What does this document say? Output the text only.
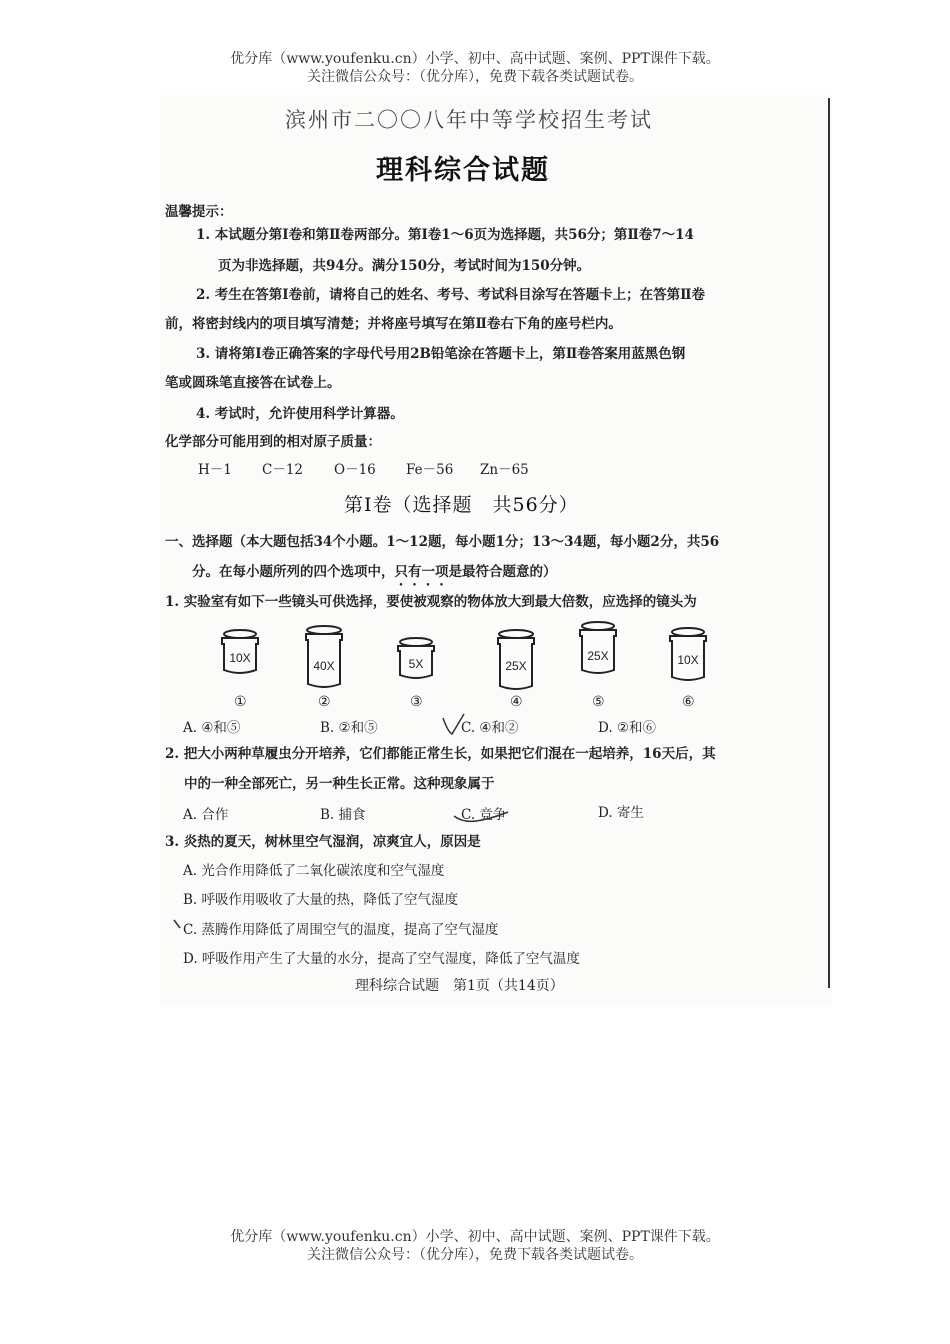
优分库（www.youfenku.cn）小学、初中、高中试题、案例、PPT课件下载。
关注微信公众号：（优分库），免费下载各类试题试卷。
滨州市二〇〇八年中等学校招生考试
理科综合试题
温馨提示：
1. 本试题分第Ⅰ卷和第Ⅱ卷两部分。第Ⅰ卷1～6页为选择题，共56分；第Ⅱ卷7～14
页为非选择题，共94分。满分150分，考试时间为150分钟。
2. 考生在答第Ⅰ卷前，请将自己的姓名、考号、考试科目涂写在答题卡上；在答第Ⅱ卷
前，将密封线内的项目填写清楚；并将座号填写在第Ⅱ卷右下角的座号栏内。
3. 请将第Ⅰ卷正确答案的字母代号用2B铅笔涂在答题卡上，第Ⅱ卷答案用蓝黑色钢
笔或圆珠笔直接答在试卷上。
4. 考试时，允许使用科学计算器。
化学部分可能用到的相对原子质量：
H－1 C－12 O－16 Fe－56 Zn－65
第Ⅰ卷（选择题　共56分）
一、选择题（本大题包括34个小题。1～12题，每小题1分；13～34题，每小题2分，共56
分。在每小题所列的四个选项中，只有一项是最符合题意的）
1. 实验室有如下一些镜头可供选择，要使被观察的物体放大到最大倍数，应选择的镜头为
10X
40X	5X	25X
25X	10X
①	②	③	④	⑤	⑥
A. ④和⑤	B. ②和⑤	C. ④和②	D. ②和⑥
2. 把大小两种草履虫分开培养，它们都能正常生长，如果把它们混在一起培养，16天后，其
中的一种全部死亡，另一种生长正常。这种现象属于
A. 合作	B. 捕食	C. 竞争	D. 寄生
3. 炎热的夏天，树林里空气湿润，凉爽宜人，原因是
A. 光合作用降低了二氧化碳浓度和空气湿度
B. 呼吸作用吸收了大量的热，降低了空气湿度
C. 蒸腾作用降低了周围空气的温度，提高了空气湿度
D. 呼吸作用产生了大量的水分，提高了空气湿度，降低了空气温度
理科综合试题　第1页（共14页）
优分库（www.youfenku.cn）小学、初中、高中试题、案例、PPT课件下载。
关注微信公众号：（优分库），免费下载各类试题试卷。
